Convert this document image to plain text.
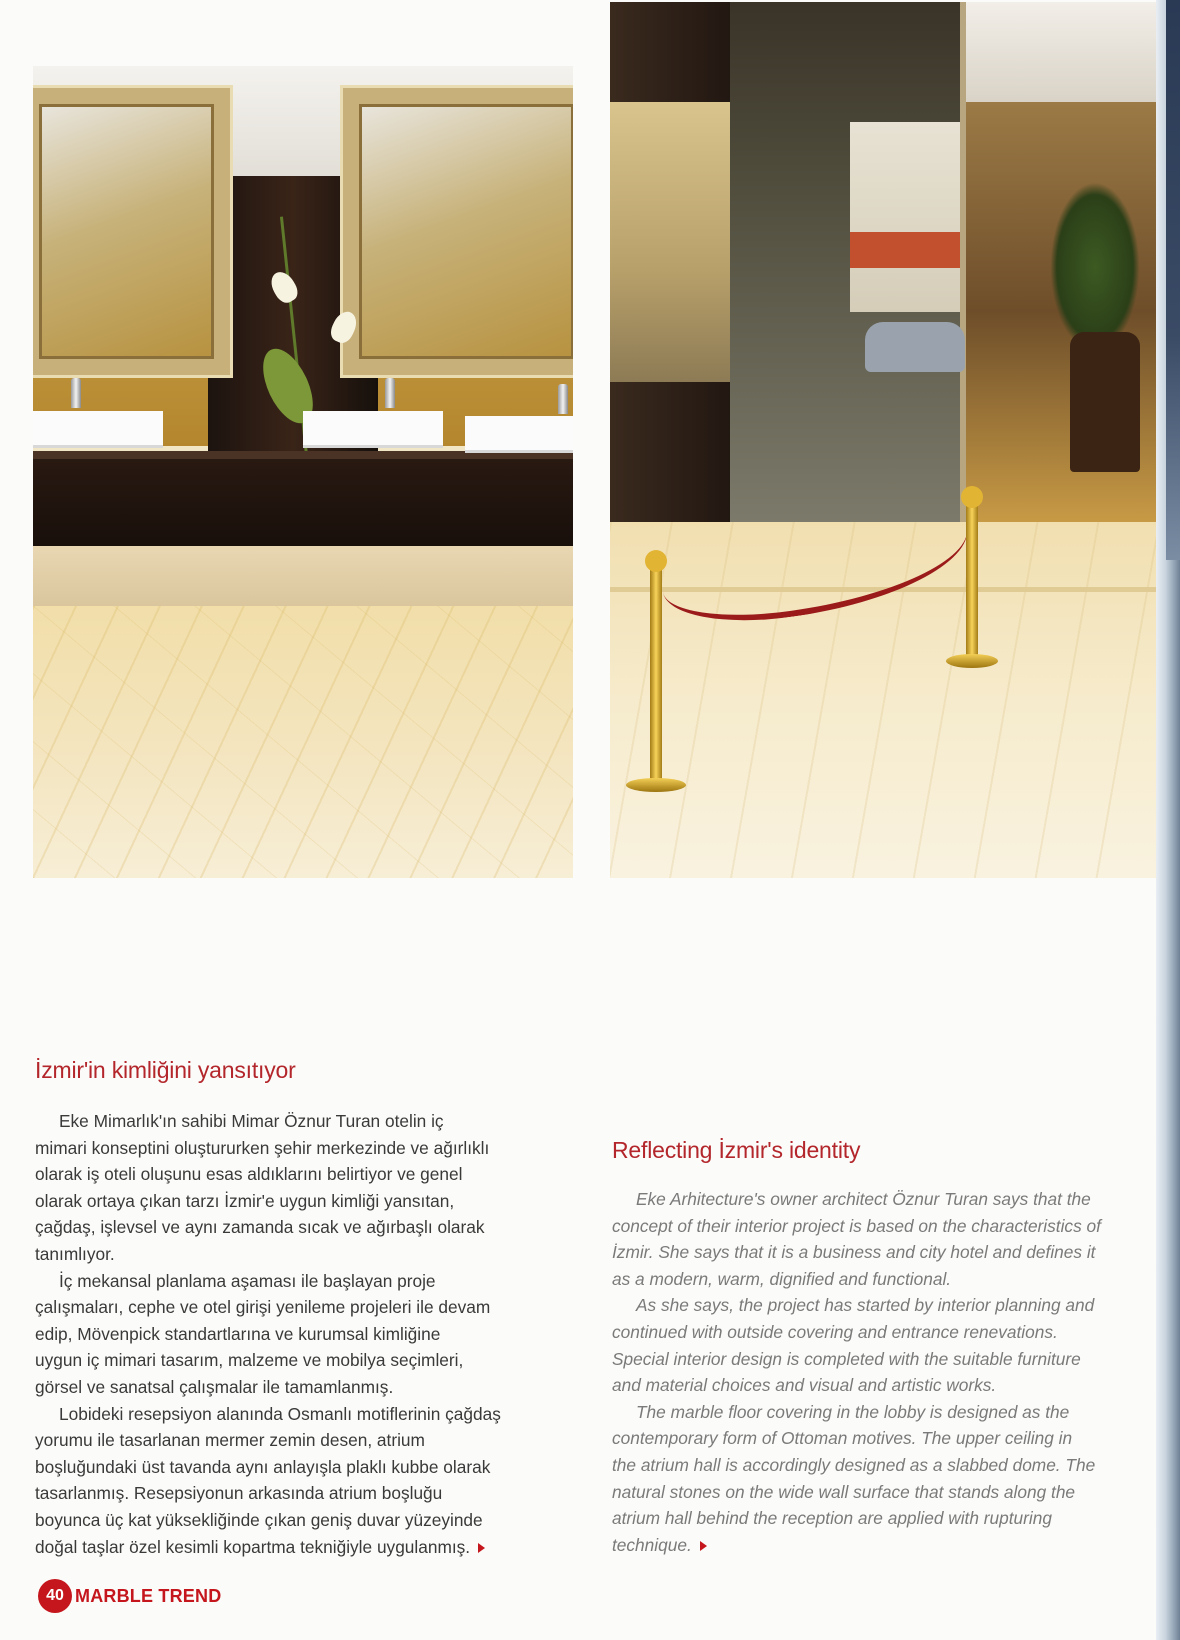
İzmir'in kimliğini yansıtıyor
Eke Mimarlık'ın sahibi Mimar Öznur Turan otelin iç
mimari konseptini oluştururken şehir merkezinde ve ağırlıklı
olarak iş oteli oluşunu esas aldıklarını belirtiyor ve genel
olarak ortaya çıkan tarzı İzmir'e uygun kimliği yansıtan,
çağdaş, işlevsel ve aynı zamanda sıcak ve ağırbaşlı olarak
tanımlıyor.
İç mekansal planlama aşaması ile başlayan proje
çalışmaları, cephe ve otel girişi yenileme projeleri ile devam
edip, Mövenpick standartlarına ve kurumsal kimliğine
uygun iç mimari tasarım, malzeme ve mobilya seçimleri,
görsel ve sanatsal çalışmalar ile tamamlanmış.
Lobideki resepsiyon alanında Osmanlı motiflerinin çağdaş
yorumu ile tasarlanan mermer zemin desen, atrium
boşluğundaki üst tavanda aynı anlayışla plaklı kubbe olarak
tasarlanmış. Resepsiyonun arkasında atrium boşluğu
boyunca üç kat yüksekliğinde çıkan geniş duvar yüzeyinde
doğal taşlar özel kesimli kopartma tekniğiyle uygulanmış.
Reflecting İzmir's identity
Eke Arhitecture's owner architect Öznur Turan says that the
concept of their interior project is based on the characteristics of
İzmir. She says that it is a business and city hotel and defines it
as a modern, warm, dignified and functional.
As she says, the project has started by interior planning and
continued with outside covering and entrance renevations.
Special interior design is completed with the suitable furniture
and material choices and visual and artistic works.
The marble floor covering in the lobby is designed as the
contemporary form of Ottoman motives. The upper ceiling in
the atrium hall is accordingly designed as a slabbed dome. The
natural stones on the wide wall surface that stands along the
atrium hall behind the reception are applied with rupturing
technique.
40 MARBLE TREND
